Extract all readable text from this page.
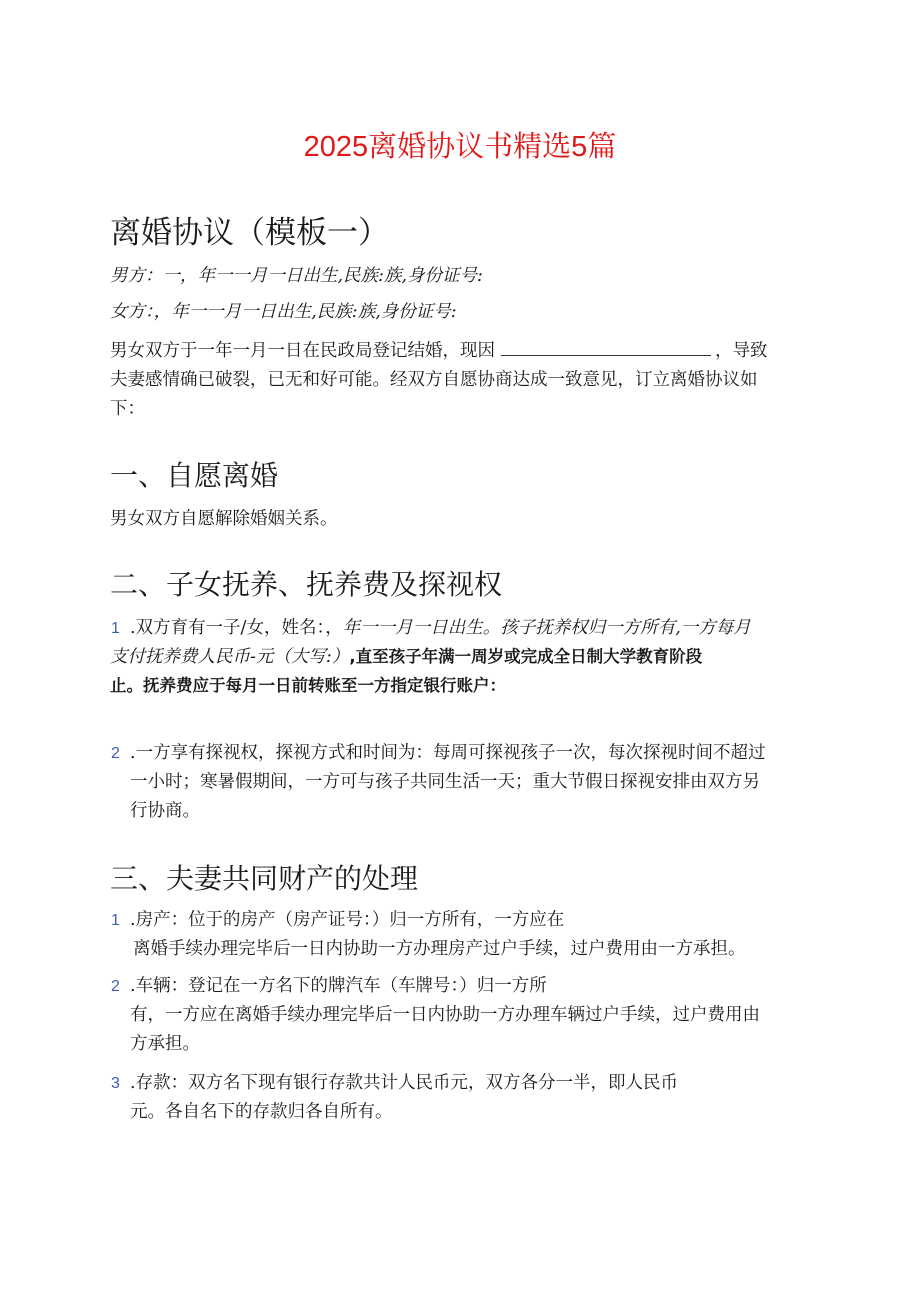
2025离婚协议书精选5篇
离婚协议（模板一）
男方：一，年一一月一日出生,民族:族,身份证号:
女方：，年一一月一日出生,民族:族,身份证号:
男女双方于一年一月一日在民政局登记结婚，现因	，导致
夫妻感情确已破裂，已无和好可能。经双方自愿协商达成一致意见，订立离婚协议如
下：
一、自愿离婚
男女双方自愿解除婚姻关系。
二、子女抚养、抚养费及探视权
1 .双方育有一子/女，姓名：，年一一月一日出生。孩子抚养权归一方所有,一方每月
支付抚养费人民币-元（大写:）,直至孩子年满一周岁或完成全日制大学教育阶段
止。抚养费应于每月一日前转账至一方指定银行账户：
2 .一方享有探视权，探视方式和时间为：每周可探视孩子一次，每次探视时间不超过
一小时；寒暑假期间，一方可与孩子共同生活一天；重大节假日探视安排由双方另
行协商。
三、夫妻共同财产的处理
1 .房产：位于的房产（房产证号：）归一方所有，一方应在
离婚手续办理完毕后一日内协助一方办理房产过户手续，过户费用由一方承担。
2 .车辆：登记在一方名下的牌汽车（车牌号：）归一方所
有，一方应在离婚手续办理完毕后一日内协助一方办理车辆过户手续，过户费用由
方承担。
3 .存款：双方名下现有银行存款共计人民币元，双方各分一半，即人民币
元。各自名下的存款归各自所有。
